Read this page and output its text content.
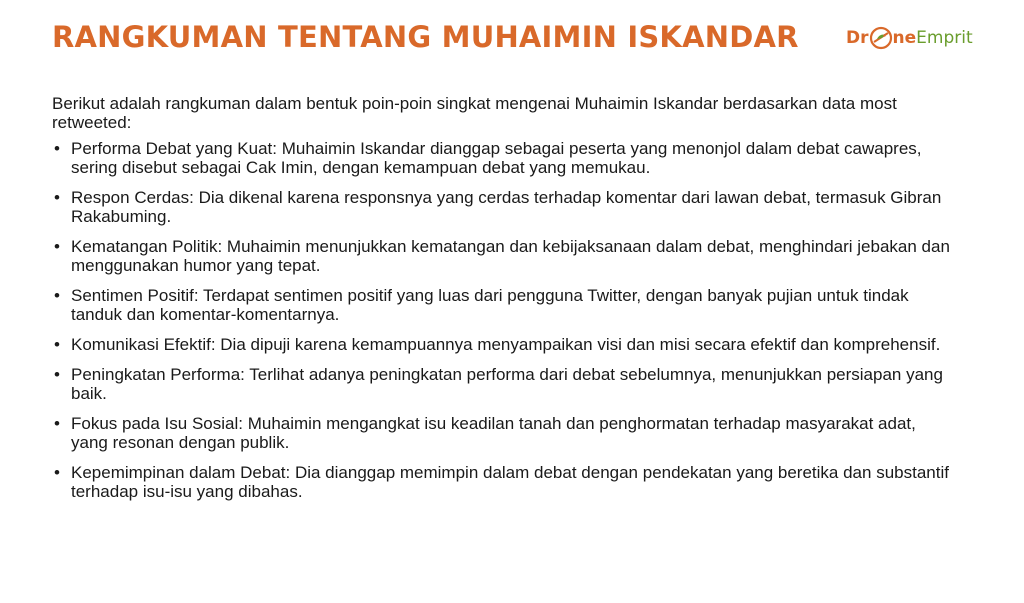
RANGKUMAN TENTANG MUHAIMIN ISKANDAR	Dr ne Emprit

Berikut adalah rangkuman dalam bentuk poin-poin singkat mengenai Muhaimin Iskandar berdasarkan data most retweeted:

• Performa Debat yang Kuat: Muhaimin Iskandar dianggap sebagai peserta yang menonjol dalam debat cawapres, sering disebut sebagai Cak Imin, dengan kemampuan debat yang memukau.
• Respon Cerdas: Dia dikenal karena responsnya yang cerdas terhadap komentar dari lawan debat, termasuk Gibran Rakabuming.
• Kematangan Politik: Muhaimin menunjukkan kematangan dan kebijaksanaan dalam debat, menghindari jebakan dan menggunakan humor yang tepat.
• Sentimen Positif: Terdapat sentimen positif yang luas dari pengguna Twitter, dengan banyak pujian untuk tindak tanduk dan komentar-komentarnya.
• Komunikasi Efektif: Dia dipuji karena kemampuannya menyampaikan visi dan misi secara efektif dan komprehensif.
• Peningkatan Performa: Terlihat adanya peningkatan performa dari debat sebelumnya, menunjukkan persiapan yang baik.
• Fokus pada Isu Sosial: Muhaimin mengangkat isu keadilan tanah dan penghormatan terhadap masyarakat adat, yang resonan dengan publik.
• Kepemimpinan dalam Debat: Dia dianggap memimpin dalam debat dengan pendekatan yang beretika dan substantif terhadap isu-isu yang dibahas.
